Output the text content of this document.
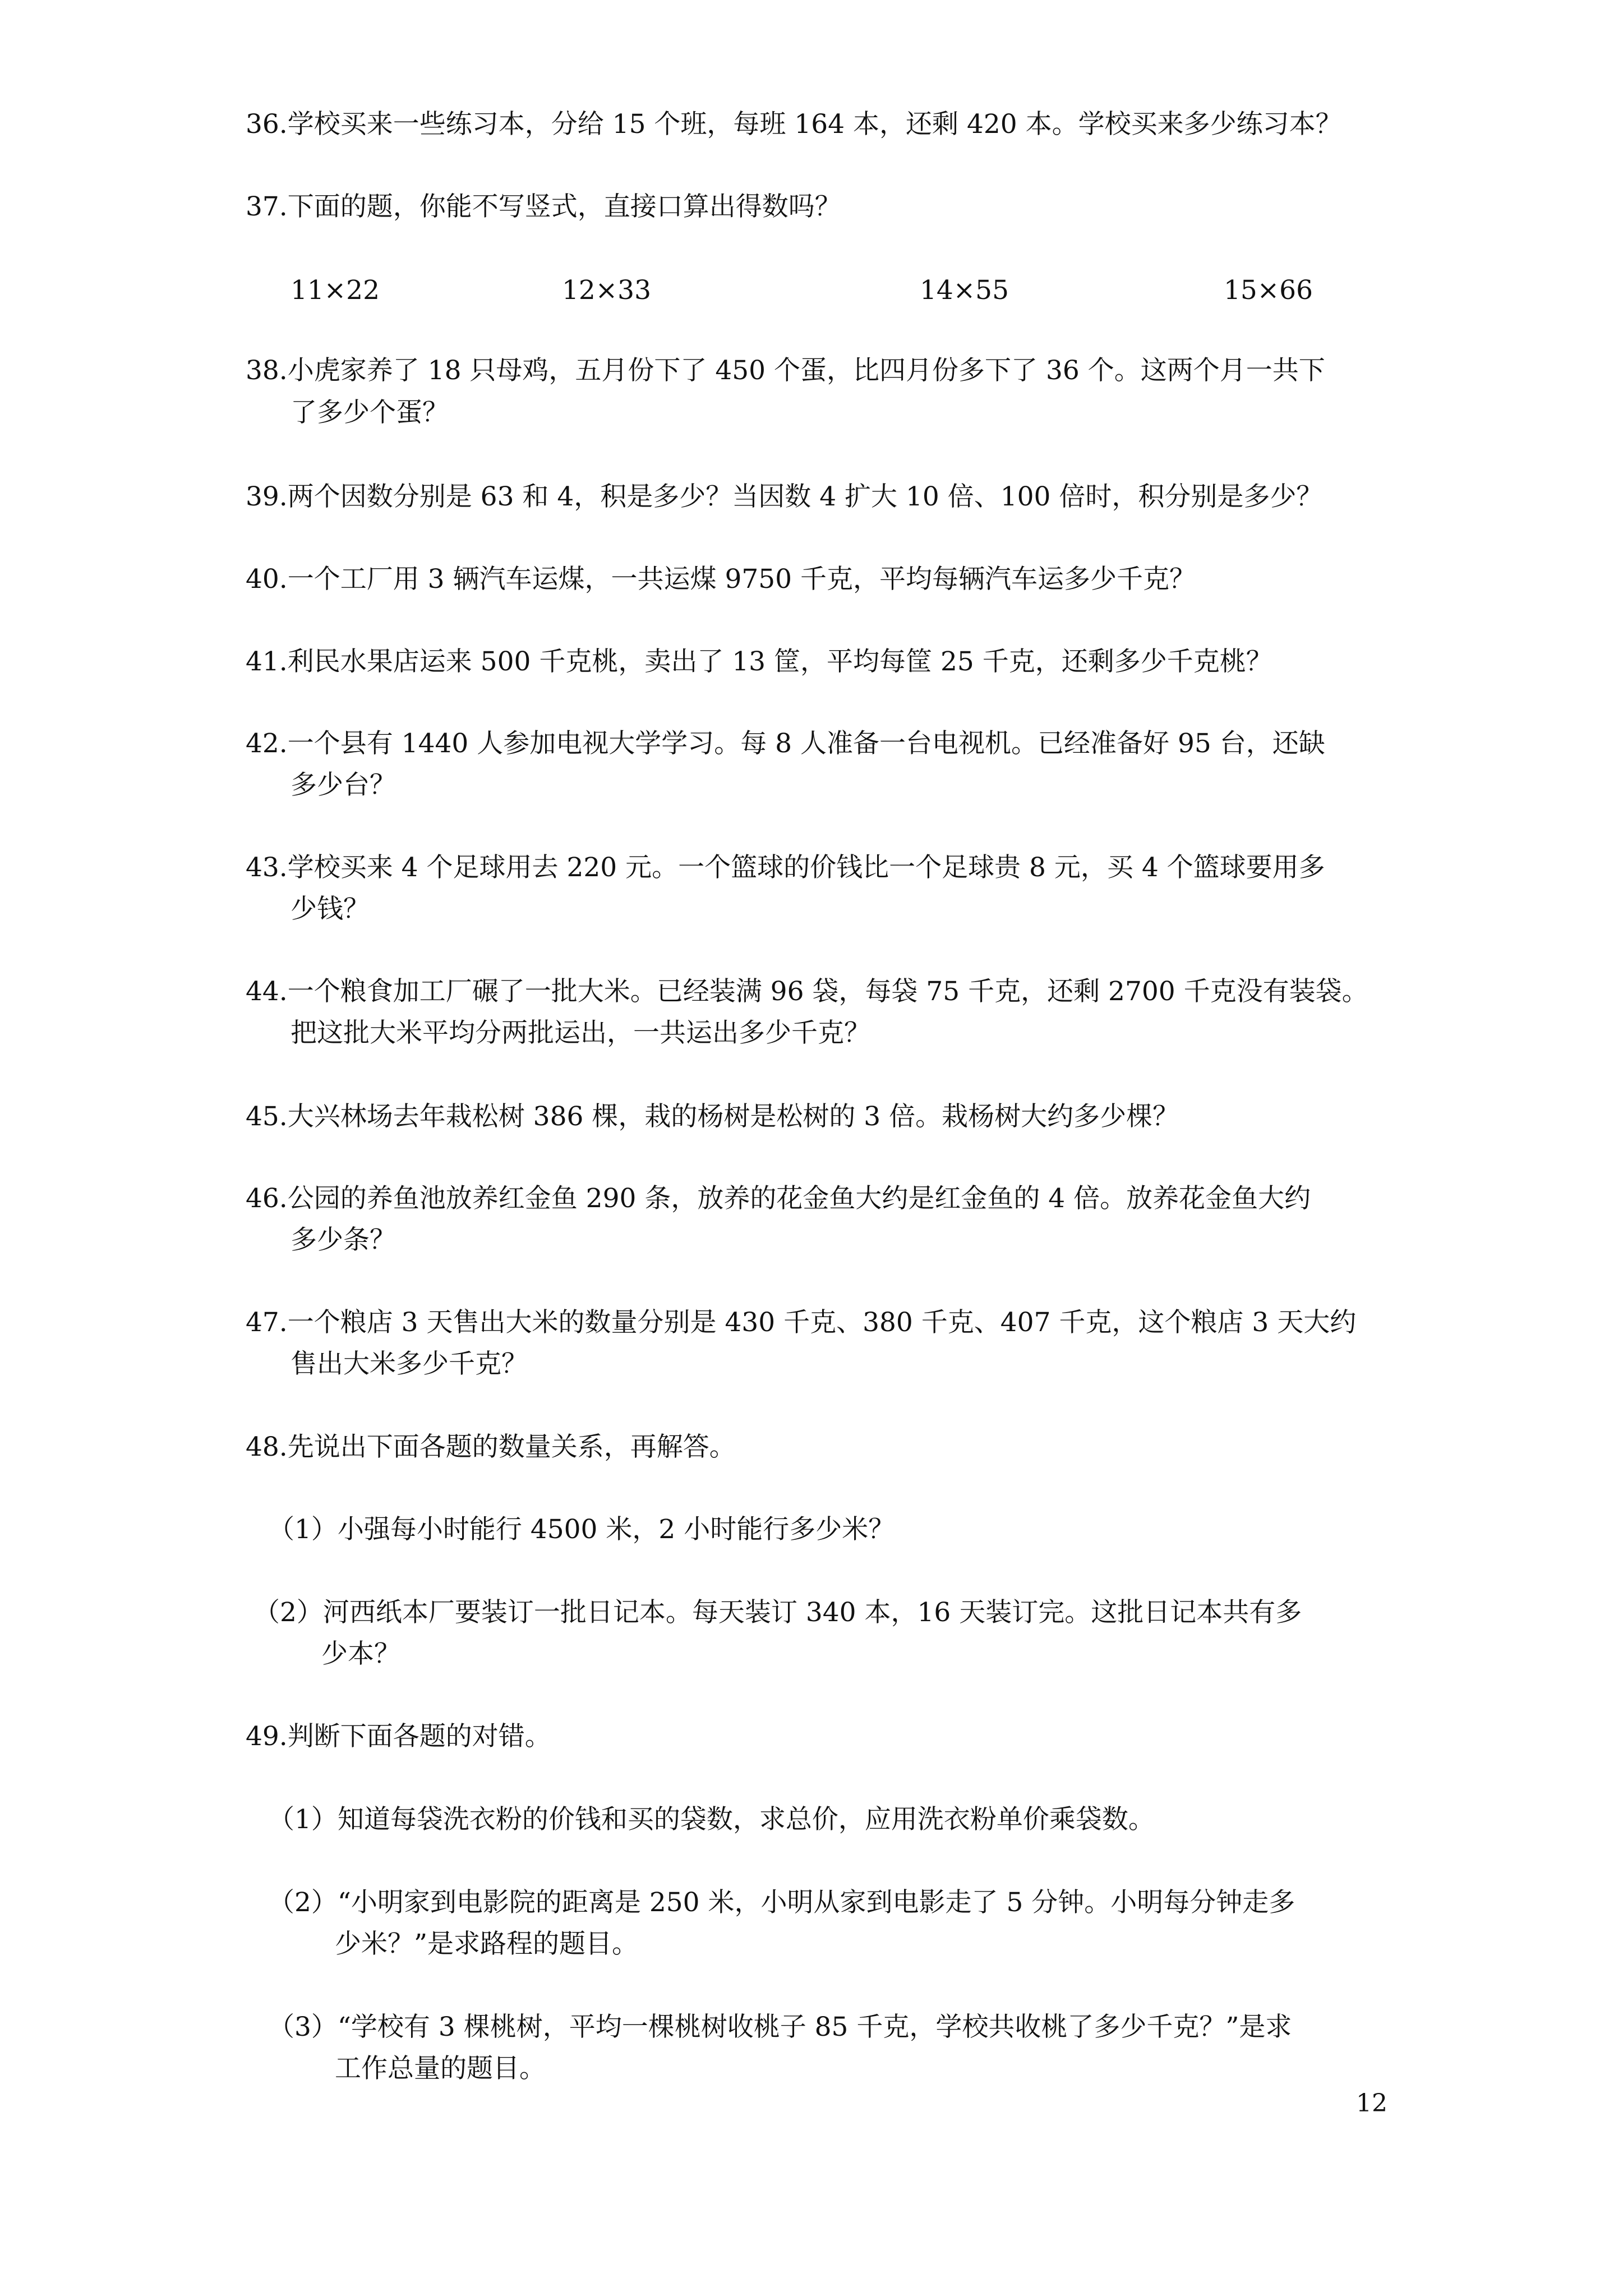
36.学校买来一些练习本，分给 15 个班，每班 164 本，还剩 420 本。学校买来多少练习本？
37.下面的题，你能不写竖式，直接口算出得数吗？
11×22	12×33	14×55	15×66
38.小虎家养了 18 只母鸡，五月份下了 450 个蛋，比四月份多下了 36 个。这两个月一共下
了多少个蛋？
39.两个因数分别是 63 和 4，积是多少？当因数 4 扩大 10 倍、100 倍时，积分别是多少？
40.一个工厂用 3 辆汽车运煤，一共运煤 9750 千克，平均每辆汽车运多少千克？
41.利民水果店运来 500 千克桃，卖出了 13 筐，平均每筐 25 千克，还剩多少千克桃？
42.一个县有 1440 人参加电视大学学习。每 8 人准备一台电视机。已经准备好 95 台，还缺
多少台？
43.学校买来 4 个足球用去 220 元。一个篮球的价钱比一个足球贵 8 元，买 4 个篮球要用多
少钱？
44.一个粮食加工厂碾了一批大米。已经装满 96 袋，每袋 75 千克，还剩 2700 千克没有装袋。
把这批大米平均分两批运出，一共运出多少千克？
45.大兴林场去年栽松树 386 棵，栽的杨树是松树的 3 倍。栽杨树大约多少棵？
46.公园的养鱼池放养红金鱼 290 条，放养的花金鱼大约是红金鱼的 4 倍。放养花金鱼大约
多少条？
47.一个粮店 3 天售出大米的数量分别是 430 千克、380 千克、407 千克，这个粮店 3 天大约
售出大米多少千克？
48.先说出下面各题的数量关系，再解答。
（1）小强每小时能行 4500 米，2 小时能行多少米？
（2）河西纸本厂要装订一批日记本。每天装订 340 本，16 天装订完。这批日记本共有多
少本？
49.判断下面各题的对错。
（1）知道每袋洗衣粉的价钱和买的袋数，求总价，应用洗衣粉单价乘袋数。
（2）“小明家到电影院的距离是 250 米，小明从家到电影走了 5 分钟。小明每分钟走多
少米？”是求路程的题目。
（3）“学校有 3 棵桃树，平均一棵桃树收桃子 85 千克，学校共收桃了多少千克？”是求
工作总量的题目。
12
